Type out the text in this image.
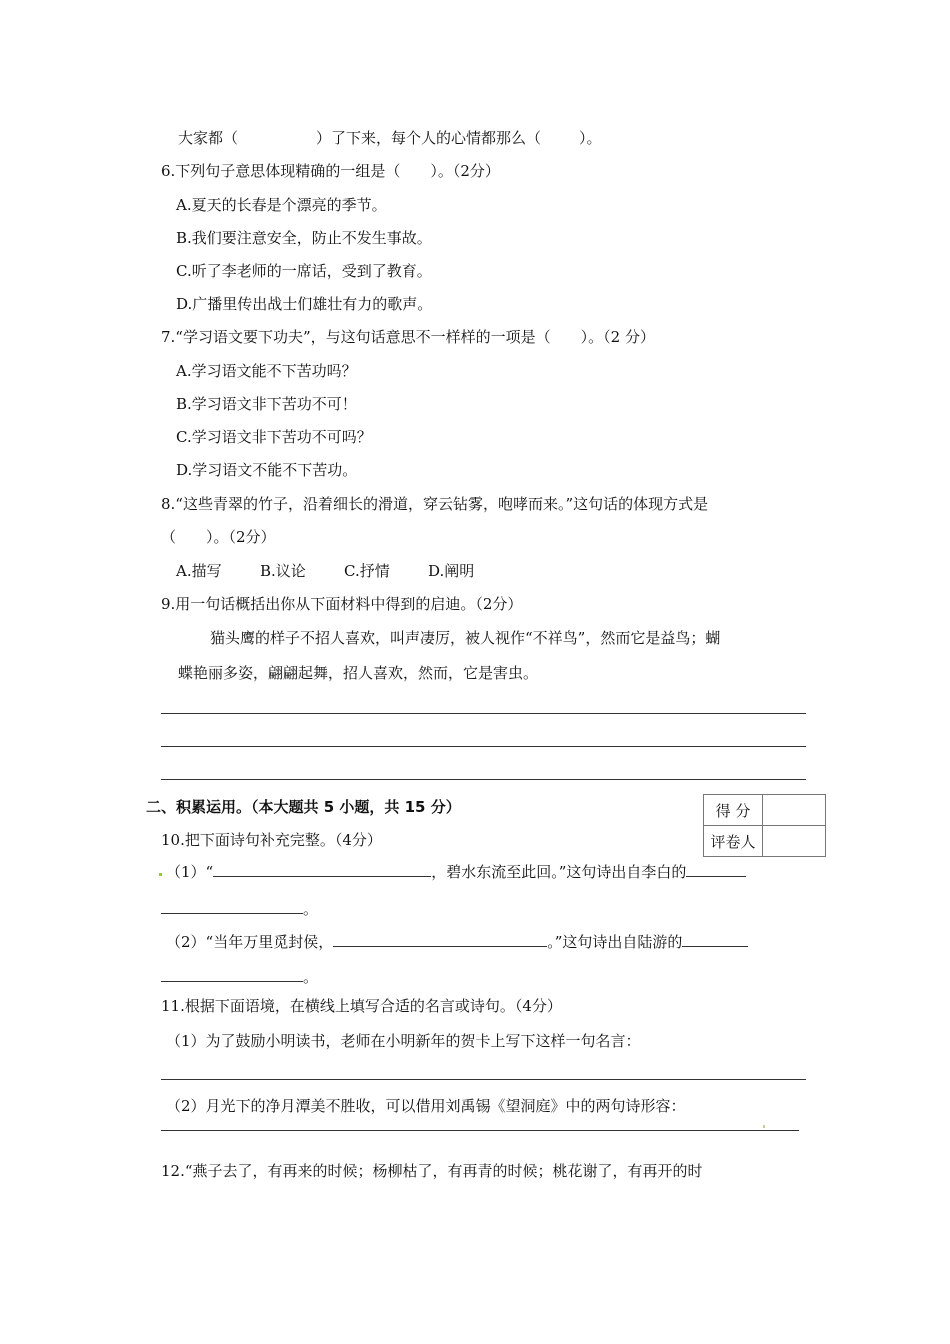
大家都（	）了下来，每个人的心情都那么（	）。
6.下列句子意思体现精确的一组是（　　）。（2分）
A.夏天的长春是个漂亮的季节。
B.我们要注意安全，防止不发生事故。
C.听了李老师的一席话，受到了教育。
D.广播里传出战士们雄壮有力的歌声。
7.“学习语文要下功夫”，与这句话意思不一样样的一项是（　　）。（2 分）
A.学习语文能不下苦功吗？
B.学习语文非下苦功不可！
C.学习语文非下苦功不可吗？
D.学习语文不能不下苦功。
8.“这些青翠的竹子，沿着细长的滑道，穿云钻雾，咆哮而来。”这句话的体现方式是
（　　）。（2分）
A.描写	B.议论	C.抒情	D.阐明
9.用一句话概括出你从下面材料中得到的启迪。（2分）
猫头鹰的样子不招人喜欢，叫声凄厉，被人视作“不祥鸟”，然而它是益鸟；蝴
蝶艳丽多姿，翩翩起舞，招人喜欢，然而，它是害虫。
二、积累运用。（本大题共 5 小题，共 15 分）	得 分	
评卷人	
10.把下面诗句补充完整。（4分）
（1）“	，碧水东流至此回。”这句诗出自李白的
。
（2）“当年万里觅封侯，	。”这句诗出自陆游的
。
11.根据下面语境，在横线上填写合适的名言或诗句。（4分）
（1）为了鼓励小明读书，老师在小明新年的贺卡上写下这样一句名言：
（2）月光下的净月潭美不胜收，可以借用刘禹锡《望洞庭》中的两句诗形容：
12.“燕子去了，有再来的时候；杨柳枯了，有再青的时候；桃花谢了，有再开的时
